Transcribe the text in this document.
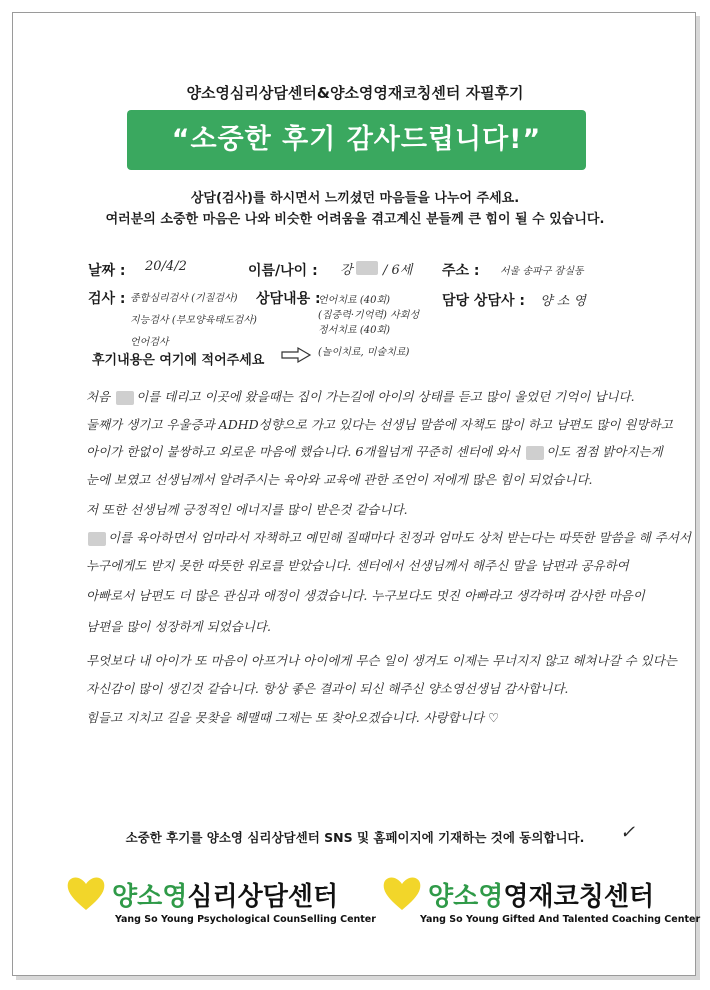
양소영심리상담센터&양소영영재코칭센터 자필후기
“소중한 후기 감사드립니다!”
상담(검사)를 하시면서 느끼셨던 마음들을 나누어 주세요.
여러분의 소중한 마음은 나와 비슷한 어려움을 겪고계신 분들께 큰 힘이 될 수 있습니다.
날짜 : 20/4/2	이름/나이 : 강 / 6세 주소 : 서울 송파구 잠실동
검사 : 종합심리검사 (기질검사)
지능검사 (부모양육태도검사)
언어검사
상담내용 :
언어치료 (40회)
(집중력·기억력) 사회성
정서치료 (40회)
(놀이치료, 미술치료)
담당 상담사 : 양 소 영
후기내용은 여기에 적어주세요
처음 이를 데리고 이곳에 왔을때는 집이 가는길에 아이의 상태를 듣고 많이 울었던 기억이 납니다.
둘째가 생기고 우울증과 ADHD성향으로 가고 있다는 선생님 말씀에 자책도 많이 하고 남편도 많이 원망하고
아이가 한없이 불쌍하고 외로운 마음에 했습니다. 6개월넘게 꾸준히 센터에 와서 이도 점점 밝아지는게
눈에 보였고 선생님께서 알려주시는 육아와 교육에 관한 조언이 저에게 많은 힘이 되었습니다.
저 또한 선생님께 긍정적인 에너지를 많이 받은것 같습니다.
이를 육아하면서 엄마라서 자책하고 예민해 질때마다 친정과 엄마도 상처 받는다는 따뜻한 말씀을 해 주셔서
누구에게도 받지 못한 따뜻한 위로를 받았습니다. 센터에서 선생님께서 해주신 말을 남편과 공유하여
아빠로서 남편도 더 많은 관심과 애정이 생겼습니다. 누구보다도 멋진 아빠라고 생각하며 감사한 마음이
남편을 많이 성장하게 되었습니다.
무엇보다 내 아이가 또 마음이 아프거나 아이에게 무슨 일이 생겨도 이제는 무너지지 않고 헤쳐나갈 수 있다는
자신감이 많이 생긴것 같습니다. 항상 좋은 결과이 되신 해주신 양소영선생님 감사합니다.
힘들고 지치고 길을 못찾을 헤맬때 그제는 또 찾아오겠습니다. 사랑합니다 ♡
소중한 후기를 양소영 심리상담센터 SNS 및 홈페이지에 기재하는 것에 동의합니다.	✓
양소영심리상담센터
Yang So Young Psychological CounSelling Center
양소영영재코칭센터
Yang So Young Gifted And Talented Coaching Center
